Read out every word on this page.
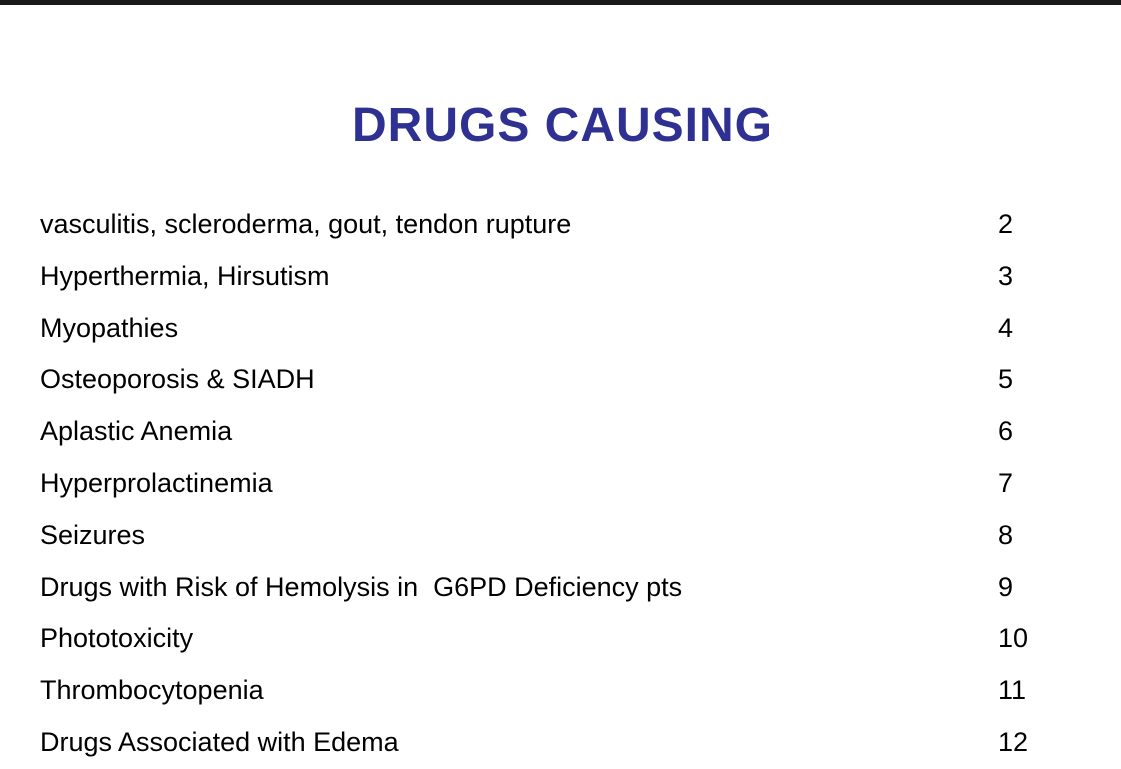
DRUGS CAUSING
vasculitis, scleroderma, gout, tendon rupture	2
Hyperthermia, Hirsutism	3
Myopathies	4
Osteoporosis & SIADH	5
Aplastic Anemia	6
Hyperprolactinemia	7
Seizures	8
Drugs with Risk of Hemolysis in  G6PD Deficiency pts	9
Phototoxicity	10
Thrombocytopenia	11
Drugs Associated with Edema	12
